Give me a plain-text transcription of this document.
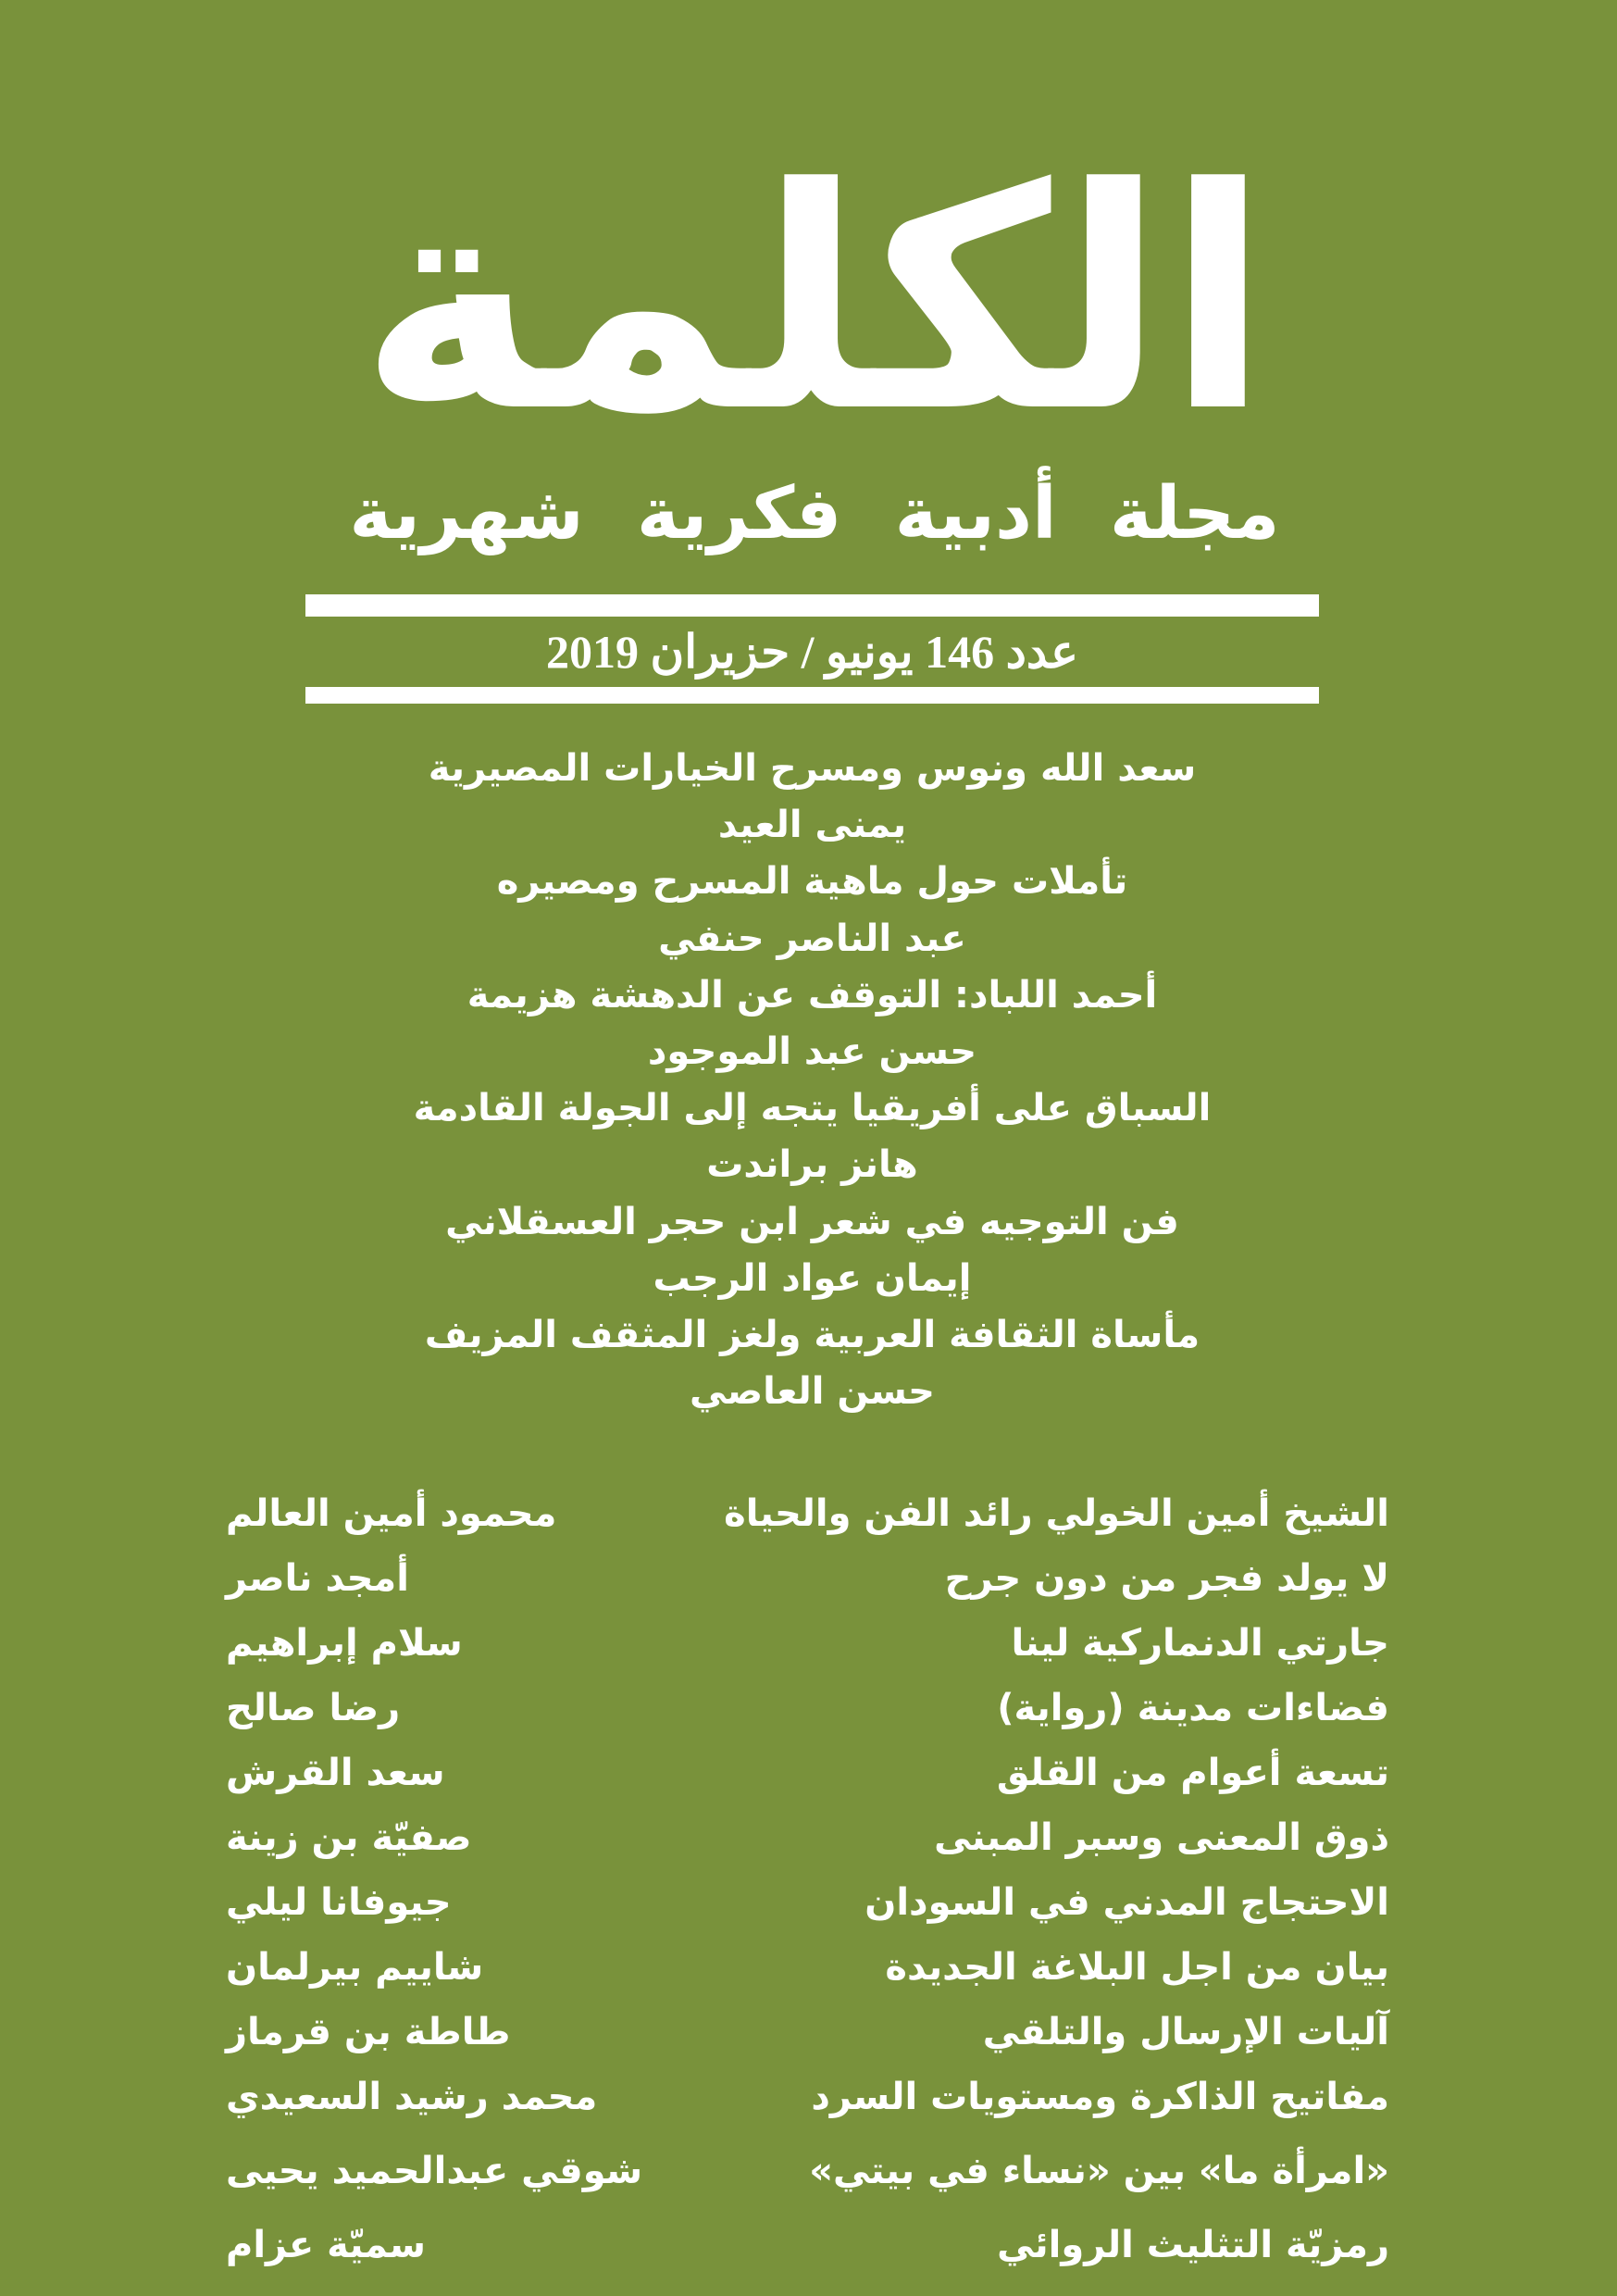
الكلمة
مجلة أدبية فكرية شهرية
عدد 146 يونيو / حزيران 2019
سعد الله ونوس ومسرح الخيارات المصيرية
يمنى العيد
تأملات حول ماهية المسرح ومصيره
عبد الناصر حنفي
أحمد اللباد: التوقف عن الدهشة هزيمة
حسن عبد الموجود
السباق على أفريقيا يتجه إلى الجولة القادمة
هانز براندت
فن التوجيه في شعر ابن حجر العسقلاني
إيمان عواد الرجب
مأساة الثقافة العربية ولغز المثقف المزيف
حسن العاصي
الشيخ أمين الخولي رائد الفن والحياة
محمود أمين العالم
لا يولد فجر من دون جرح
أمجد ناصر
جارتي الدنماركية لينا
سلام إبراهيم
فضاءات مدينة (رواية)
رضا صالح
تسعة أعوام من القلق
سعد القرش
ذوق المعنى وسبر المبنى
صفيّة بن زينة
الاحتجاج المدني في السودان
جيوفانا ليلي
بيان من اجل البلاغة الجديدة
شاييم بيرلمان
آليات الإرسال والتلقي
طاطة بن قرماز
مفاتيح الذاكرة ومستويات السرد
محمد رشيد السعيدي
«امرأة ما» بين «نساء في بيتي»
شوقي عبدالحميد يحيى
رمزيّة التثليث الروائي
سميّة عزام
